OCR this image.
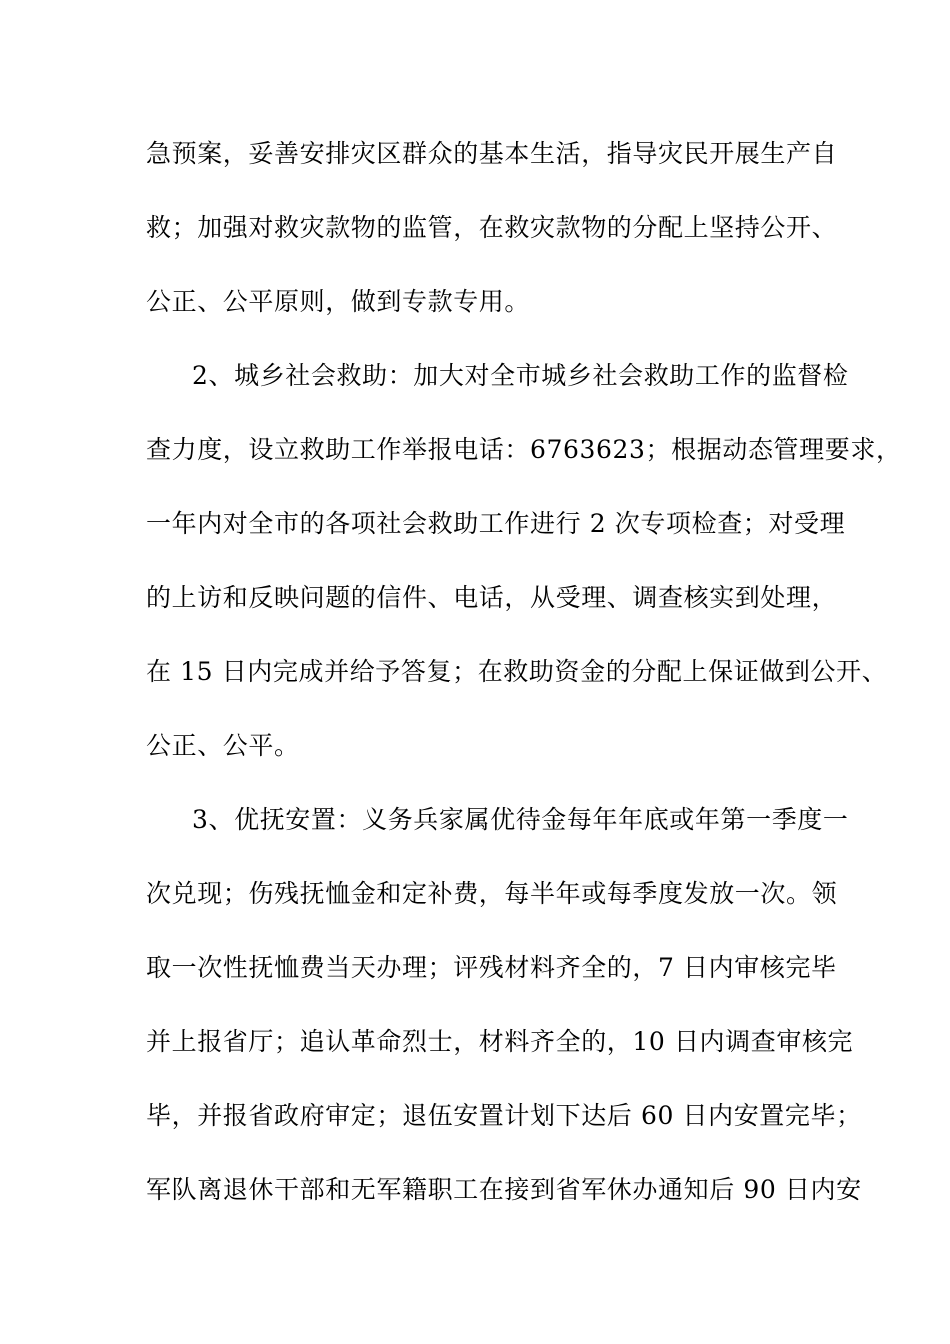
急预案，妥善安排灾区群众的基本生活，指导灾民开展生产自
救；加强对救灾款物的监管，在救灾款物的分配上坚持公开、
公正、公平原则，做到专款专用。
2、城乡社会救助：加大对全市城乡社会救助工作的监督检
查力度，设立救助工作举报电话：6763623；根据动态管理要求，
一年内对全市的各项社会救助工作进行 2 次专项检查；对受理
的上访和反映问题的信件、电话，从受理、调查核实到处理，
在 15 日内完成并给予答复；在救助资金的分配上保证做到公开、
公正、公平。
3、优抚安置：义务兵家属优待金每年年底或年第一季度一
次兑现；伤残抚恤金和定补费，每半年或每季度发放一次。领
取一次性抚恤费当天办理；评残材料齐全的，7 日内审核完毕
并上报省厅；追认革命烈士，材料齐全的，10 日内调查审核完
毕，并报省政府审定；退伍安置计划下达后 60 日内安置完毕；
军队离退休干部和无军籍职工在接到省军休办通知后 90 日内安
